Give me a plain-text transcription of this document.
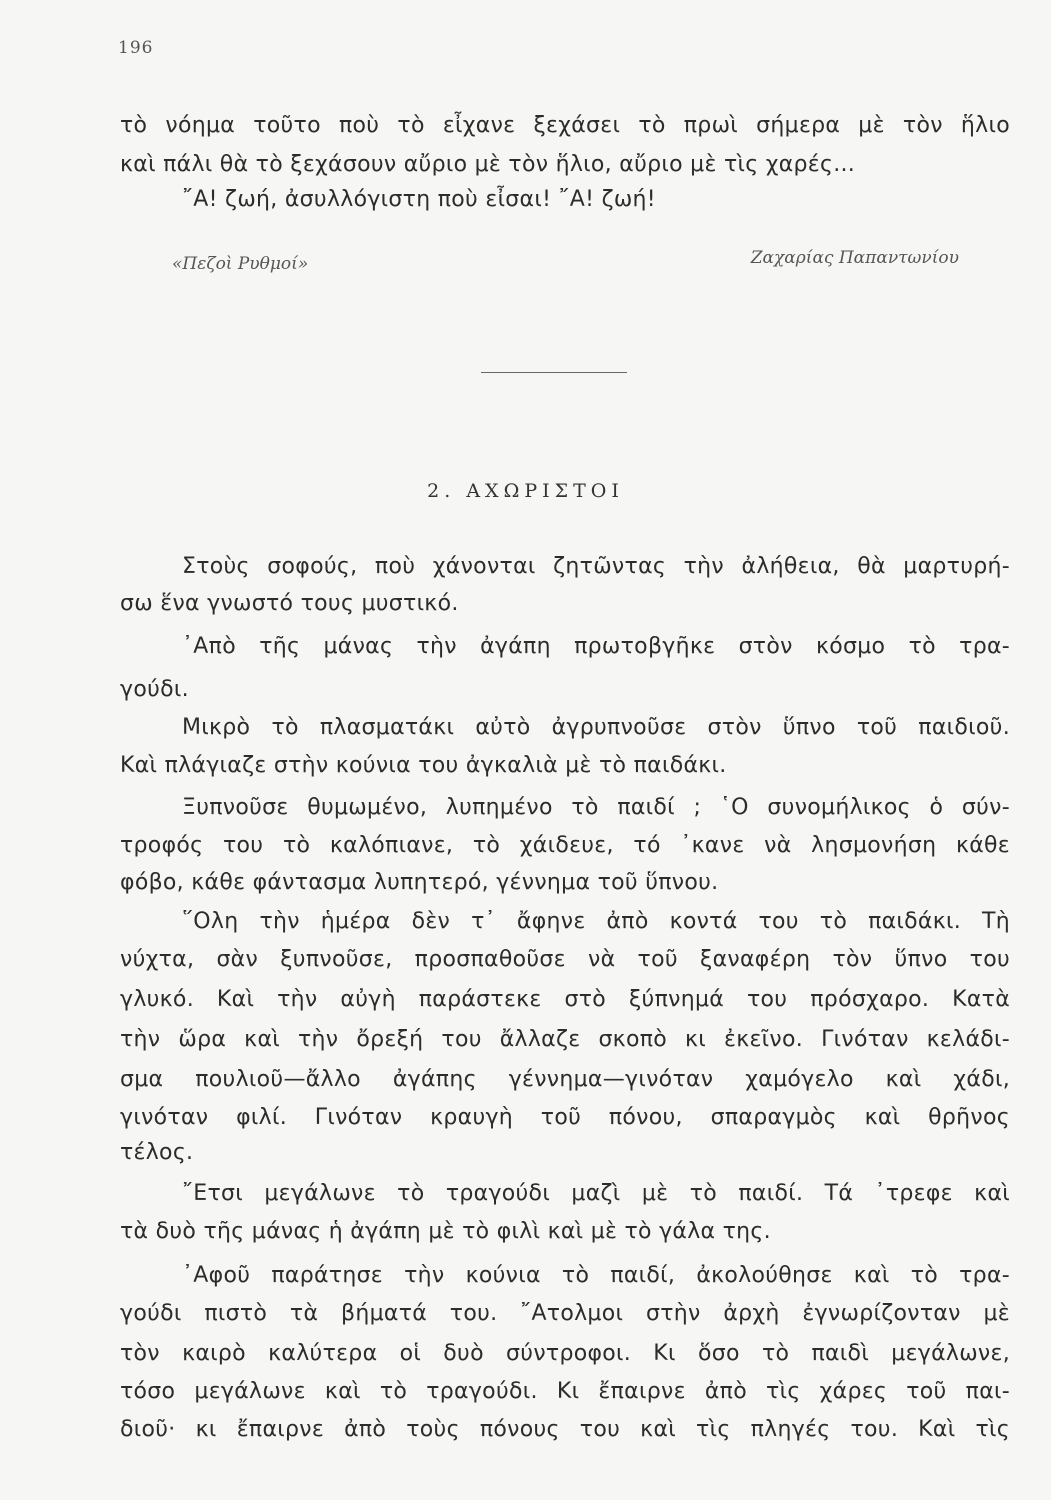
196
τὸ νόημα τοῦτο ποὺ τὸ εἶχανε ξεχάσει τὸ πρωὶ σήμερα μὲ τὸν ἥλιο
καὶ πάλι θὰ τὸ ξεχάσουν αὔριο μὲ τὸν ἥλιο, αὔριο μὲ τὶς χαρές...
῎Α! ζωή, ἀσυλλόγιστη ποὺ εἶσαι! ῎Α! ζωή!
«Πεζοὶ Ρυθμοί»	Ζαχαρίας Παπαντωνίου
2. ΑΧΩΡΙΣΤΟΙ
Στοὺς σοφούς, ποὺ χάνονται ζητῶντας τὴν ἀλήθεια, θὰ μαρτυρή-
σω ἕνα γνωστό τους μυστικό.
᾽Απὸ τῆς μάνας τὴν ἀγάπη πρωτοβγῆκε στὸν κόσμο τὸ τρα-
γούδι.
Μικρὸ τὸ πλασματάκι αὐτὸ ἀγρυπνοῦσε στὸν ὕπνο τοῦ παιδιοῦ.
Καὶ πλάγιαζε στὴν κούνια του ἀγκαλιὰ μὲ τὸ παιδάκι.
Ξυπνοῦσε θυμωμένο, λυπημένο τὸ παιδί ; ῾Ο συνομήλικος ὁ σύν-
τροφός του τὸ καλόπιανε, τὸ χάιδευε, τό ᾽κανε νὰ λησμονήση κάθε
φόβο, κάθε φάντασμα λυπητερό, γέννημα τοῦ ὕπνου.
῞Ολη τὴν ἡμέρα δὲν τ᾽ ἄφηνε ἀπὸ κοντά του τὸ παιδάκι. Τὴ
νύχτα, σὰν ξυπνοῦσε, προσπαθοῦσε νὰ τοῦ ξαναφέρη τὸν ὕπνο του
γλυκό. Καὶ τὴν αὐγὴ παράστεκε στὸ ξύπνημά του πρόσχαρο. Κατὰ
τὴν ὥρα καὶ τὴν ὄρεξή του ἄλλαζε σκοπὸ κι ἐκεῖνο. Γινόταν κελάδι-
σμα πουλιοῦ—ἄλλο ἀγάπης γέννημα—γινόταν χαμόγελο καὶ χάδι,
γινόταν φιλί. Γινόταν κραυγὴ τοῦ πόνου, σπαραγμὸς καὶ θρῆνος
τέλος.
῎Ετσι μεγάλωνε τὸ τραγούδι μαζὶ μὲ τὸ παιδί. Τά ᾽τρεφε καὶ
τὰ δυὸ τῆς μάνας ἡ ἀγάπη μὲ τὸ φιλὶ καὶ μὲ τὸ γάλα της.
᾽Αφοῦ παράτησε τὴν κούνια τὸ παιδί, ἀκολούθησε καὶ τὸ τρα-
γούδι πιστὸ τὰ βήματά του. ῎Ατολμοι στὴν ἀρχὴ ἐγνωρίζονταν μὲ
τὸν καιρὸ καλύτερα οἱ δυὸ σύντροφοι. Κι ὅσο τὸ παιδὶ μεγάλωνε,
τόσο μεγάλωνε καὶ τὸ τραγούδι. Κι ἔπαιρνε ἀπὸ τὶς χάρες τοῦ παι-
διοῦ· κι ἔπαιρνε ἀπὸ τοὺς πόνους του καὶ τὶς πληγές του. Καὶ τὶς
